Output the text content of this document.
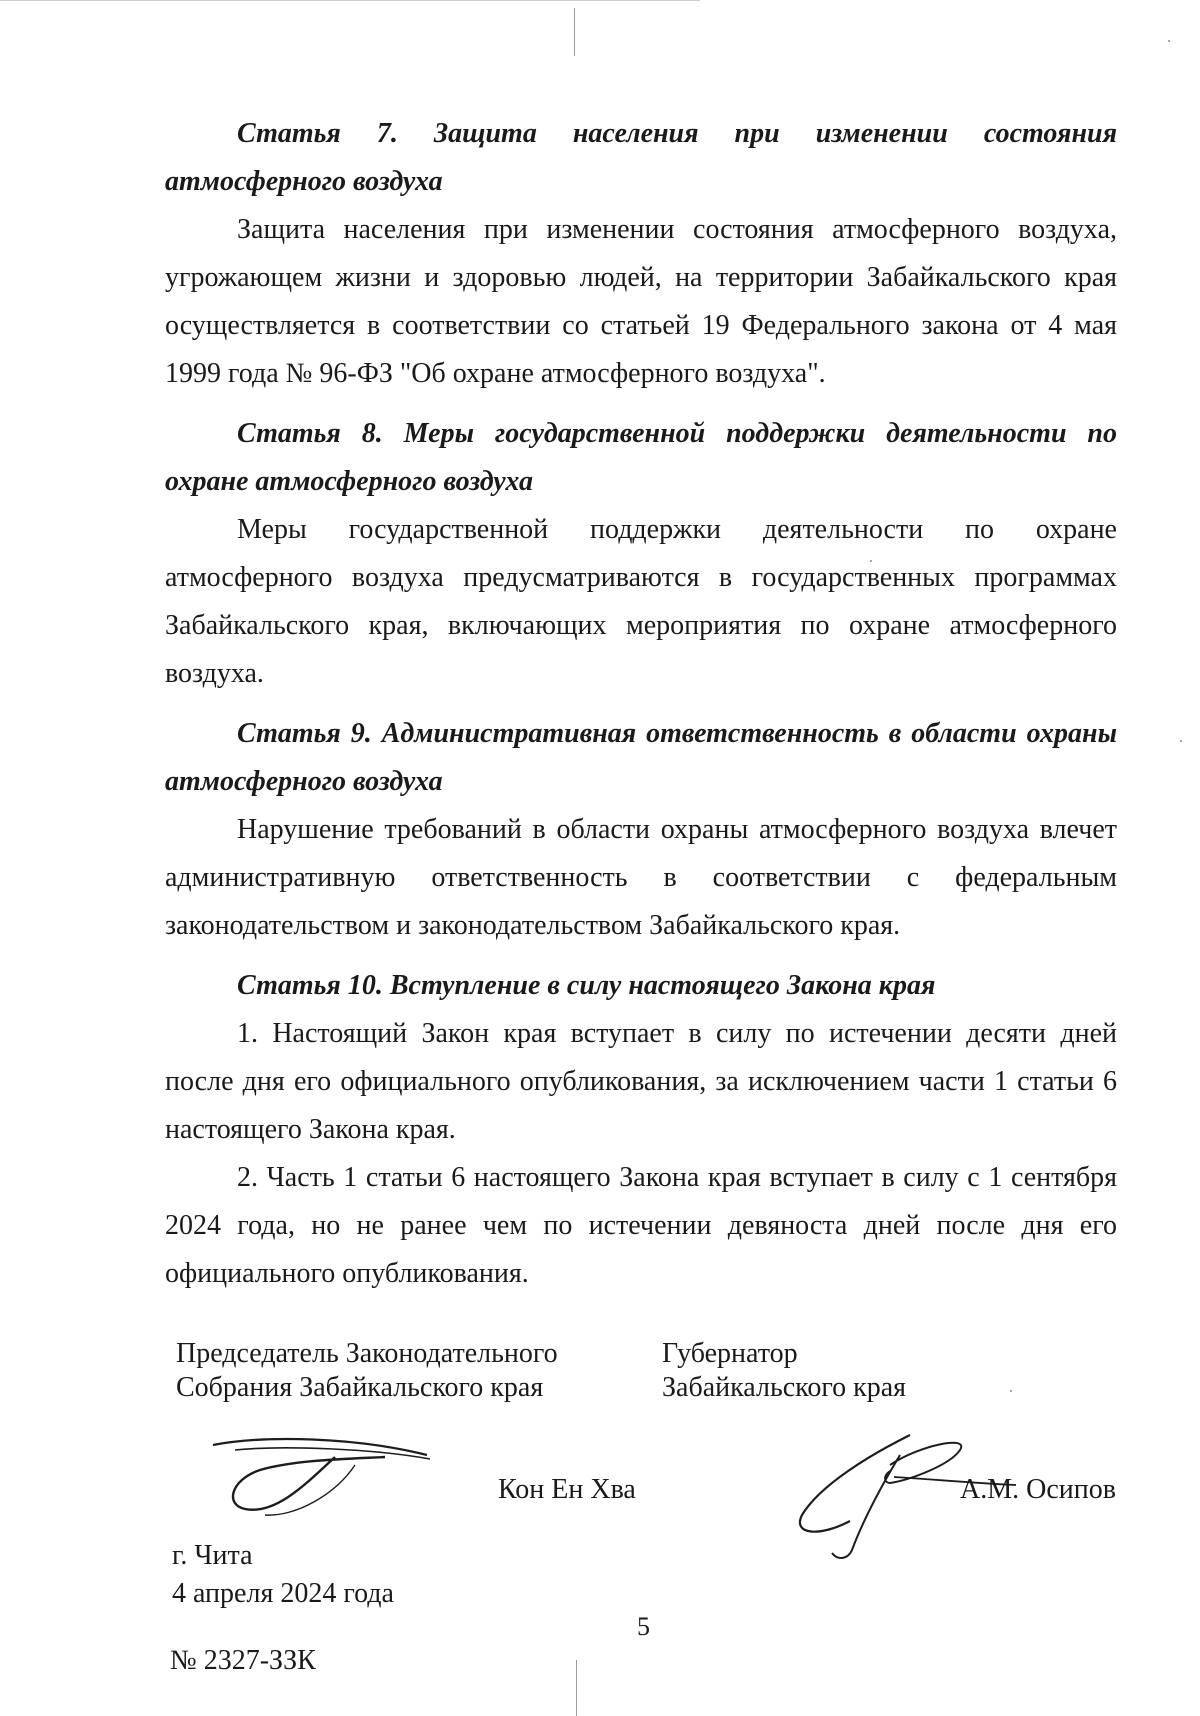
Статья 7. Защита населения при изменении состояния атмосферного воздуха

Защита населения при изменении состояния атмосферного воздуха, угрожающем жизни и здоровью людей, на территории Забайкальского края осуществляется в соответствии со статьей 19 Федерального закона от 4 мая 1999 года № 96-ФЗ "Об охране атмосферного воздуха".

Статья 8. Меры государственной поддержки деятельности по охране атмосферного воздуха

Меры государственной поддержки деятельности по охране атмосферного воздуха предусматриваются в государственных программах Забайкальского края, включающих мероприятия по охране атмосферного воздуха.

Статья 9. Административная ответственность в области охраны атмосферного воздуха

Нарушение требований в области охраны атмосферного воздуха влечет административную ответственность в соответствии с федеральным законодательством и законодательством Забайкальского края.

Статья 10. Вступление в силу настоящего Закона края

1. Настоящий Закон края вступает в силу по истечении десяти дней после дня его официального опубликования, за исключением части 1 статьи 6 настоящего Закона края.

2. Часть 1 статьи 6 настоящего Закона края вступает в силу с 1 сентября 2024 года, но не ранее чем по истечении девяноста дней после дня его официального опубликования.

Председатель Законодательного
Собрания Забайкальского края
Губернатор
Забайкальского края
Кон Ен Хва	А.М. Осипов
г. Чита
4 апреля 2024 года
5
№ 2327-ЗЗК
